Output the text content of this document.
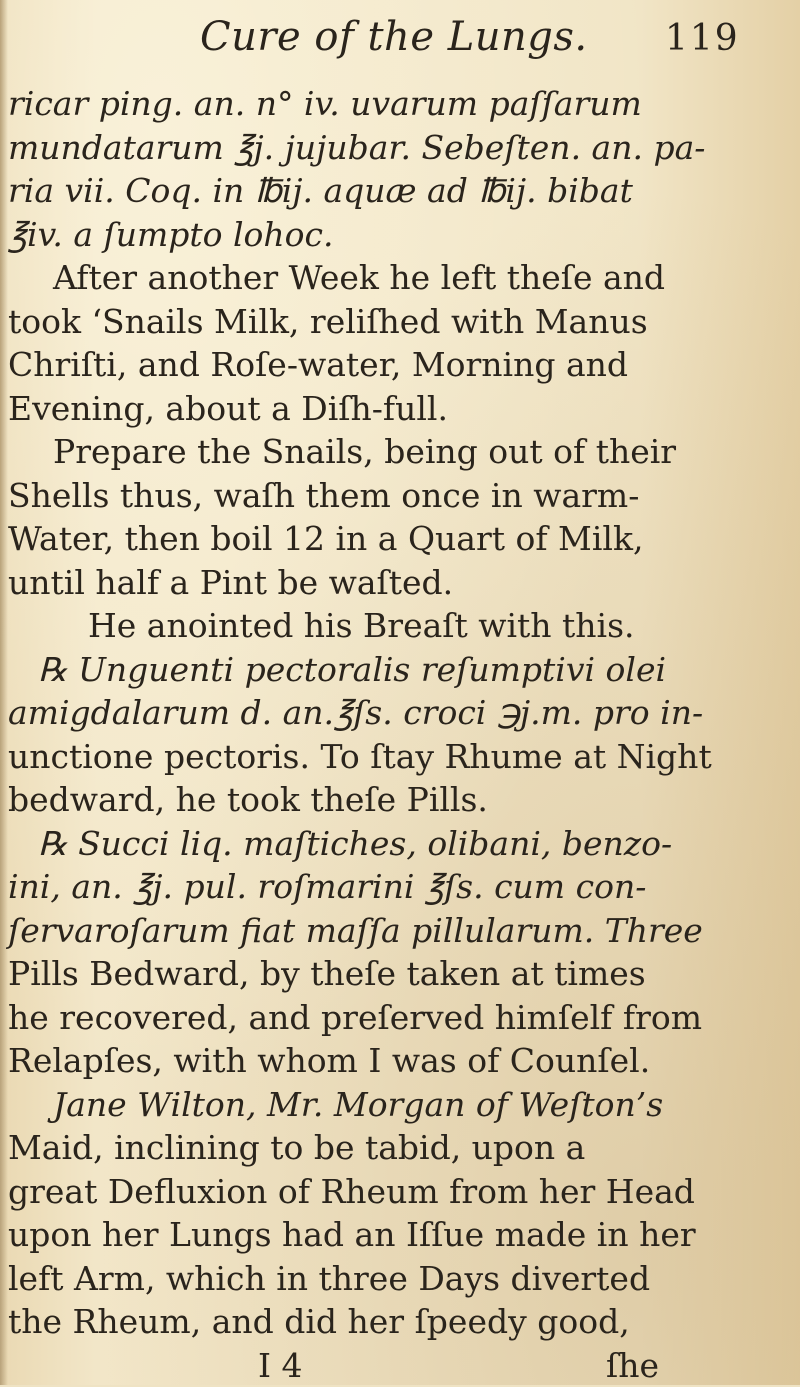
Cure of the Lungs. 119
ricar ping. an. n° iv. uvarum paſſarum
mundatarum ℥j. jujubar. Sebeſten. an. pa-
ria vii. Coq. in ℔ij. aquæ ad ℔ij. bibat
℥iv. a ſumpto lohoc.
After another Week he left theſe and
took ‘Snails Milk, reliſhed with Manus
Chriſti, and Roſe-water, Morning and
Evening, about a Diſh-full.
Prepare the Snails, being out of their
Shells thus, waſh them once in warm-
Water, then boil 12 in a Quart of Milk,
until half a Pint be waſted.
He anointed his Breaſt with this.
℞ Unguenti pectoralis reſumptivi olei
amigdalarum d. an.℥ſs. croci ℈j.m. pro in-
unctione pectoris. To ſtay Rhume at Night
bedward, he took theſe Pills.
℞ Succi liq. maſtiches, olibani, benzo-
ini, an. ℥j. pul. roſmarini ℥ſs. cum con-
ſervaroſarum fiat maſſa pillularum. Three
Pills Bedward, by theſe taken at times
he recovered, and preſerved himſelf from
Relapſes, with whom I was of Counſel.
Jane Wilton, Mr. Morgan of Weſton’s
Maid, inclining to be tabid, upon a
great Defluxion of Rheum from her Head
upon her Lungs had an Iſſue made in her
left Arm, which in three Days diverted
the Rheum, and did her ſpeedy good,
I 4	ſhe
